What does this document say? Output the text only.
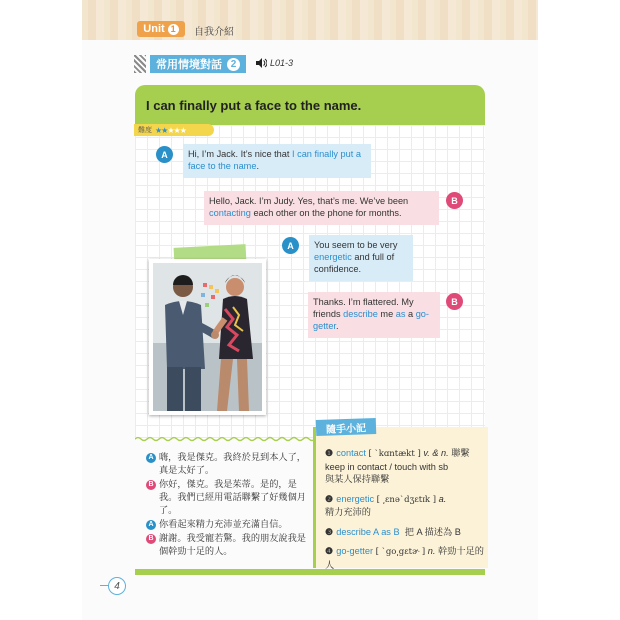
Unit 1	自我介紹
常用情境對話 2	L01-3
I can finally put a face to the name.
難度 ★★★★★
A	Hi, I’m Jack. It’s nice that I can finally put a face to the name.
Hello, Jack. I’m Judy. Yes, that’s me. We’ve been contacting each other on the phone for months.
B
A	You seem to be very energetic and full of confidence.
Thanks. I’m flattered. My friends describe me as a go-getter.
B
A 嗨，我是傑克。我終於見到本人了，真是太好了。
B 你好，傑克。我是茱蒂。是的，是我。我們已經用電話聯繫了好幾個月了。
A 你看起來精力充沛並充滿自信。
B 謝謝。我受寵若驚。我的朋友說我是個幹勁十足的人。
隨手小記
❶ contact [ ˋkɑntækt ] v. & n. 聯繫
keep in contact / touch with sb
與某人保持聯繫
❷ energetic [ ͵ɛnəˋdʒɛtɪk ] a.
精力充沛的
❸ describe A as B 把 A 描述為 B
❹ go-getter [ ˋgo͵gɛtɚ ] n. 幹勁十足的人
4
